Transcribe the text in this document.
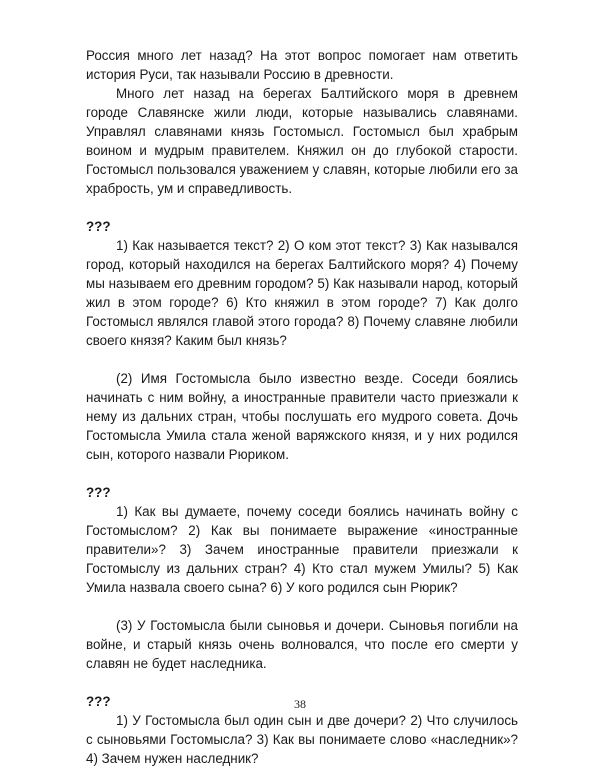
Россия много лет назад? На этот вопрос помогает нам ответить история Руси, так называли Россию в древности.

Много лет назад на берегах Балтийского моря в древнем городе Славянске жили люди, которые назывались славянами. Управлял славянами князь Гостомысл. Гостомысл был храбрым воином и мудрым правителем. Княжил он до глубокой старости. Гостомысл пользовался уважением у славян, которые любили его за храбрость, ум и справедливость.

???

1) Как называется текст? 2) О ком этот текст? 3) Как назывался город, который находился на берегах Балтийского моря? 4) Почему мы называем его древним городом? 5) Как называли народ, который жил в этом городе? 6) Кто княжил в этом городе? 7) Как долго Гостомысл являлся главой этого города? 8) Почему славяне любили своего князя? Каким был князь?

(2) Имя Гостомысла было известно везде. Соседи боялись начинать с ним войну, а иностранные правители часто приезжали к нему из дальних стран, чтобы послушать его мудрого совета. Дочь Гостомысла Умила стала женой варяжского князя, и у них родился сын, которого назвали Рюриком.

???

1) Как вы думаете, почему соседи боялись начинать войну с Гостомыслом? 2) Как вы понимаете выражение «иностранные правители»? 3) Зачем иностранные правители приезжали к Гостомыслу из дальних стран? 4) Кто стал мужем Умилы? 5) Как Умила назвала своего сына? 6) У кого родился сын Рюрик?

(3) У Гостомысла были сыновья и дочери. Сыновья погибли на войне, и старый князь очень волновался, что после его смерти у славян не будет наследника.

???

1) У Гостомысла был один сын и две дочери? 2) Что случилось с сыновьями Гостомысла? 3) Как вы понимаете слово «наследник»? 4) Зачем нужен наследник?

38
